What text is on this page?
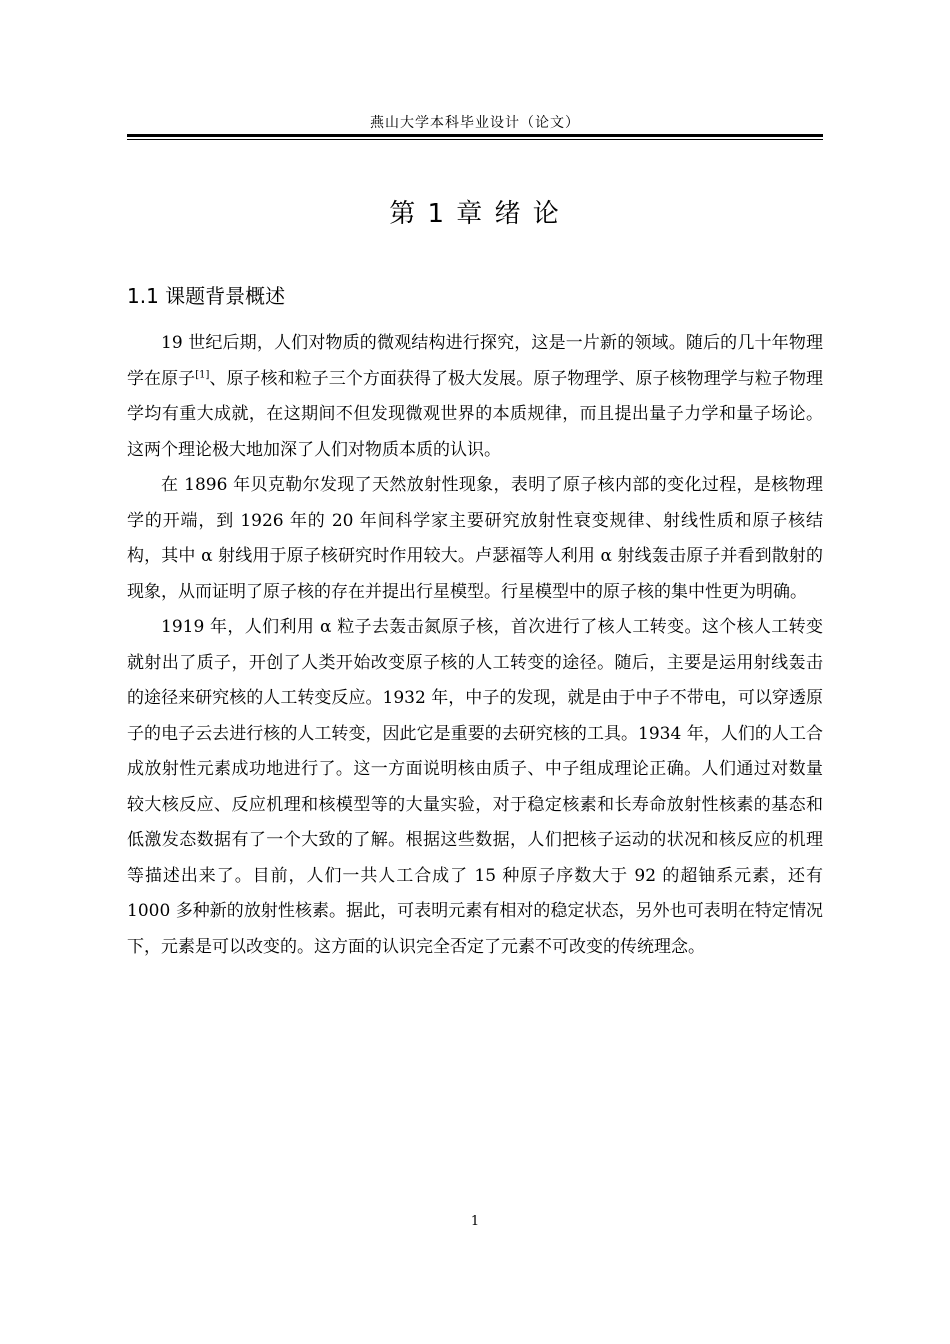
燕山大学本科毕业设计（论文）
第 1 章 绪 论
1.1 课题背景概述

19 世纪后期，人们对物质的微观结构进行探究，这是一片新的领域。随后的几十年物理学在原子[1]、原子核和粒子三个方面获得了极大发展。原子物理学、原子核物理学与粒子物理学均有重大成就，在这期间不但发现微观世界的本质规律，而且提出量子力学和量子场论。这两个理论极大地加深了人们对物质本质的认识。

在 1896 年贝克勒尔发现了天然放射性现象，表明了原子核内部的变化过程，是核物理学的开端，到 1926 年的 20 年间科学家主要研究放射性衰变规律、射线性质和原子核结构，其中 α 射线用于原子核研究时作用较大。卢瑟福等人利用 α 射线轰击原子并看到散射的现象，从而证明了原子核的存在并提出行星模型。行星模型中的原子核的集中性更为明确。

1919 年，人们利用 α 粒子去轰击氮原子核，首次进行了核人工转变。这个核人工转变就射出了质子，开创了人类开始改变原子核的人工转变的途径。随后，主要是运用射线轰击的途径来研究核的人工转变反应。1932 年，中子的发现，就是由于中子不带电，可以穿透原子的电子云去进行核的人工转变，因此它是重要的去研究核的工具。1934 年，人们的人工合成放射性元素成功地进行了。这一方面说明核由质子、中子组成理论正确。人们通过对数量较大核反应、反应机理和核模型等的大量实验，对于稳定核素和长寿命放射性核素的基态和低激发态数据有了一个大致的了解。根据这些数据，人们把核子运动的状况和核反应的机理等描述出来了。目前，人们一共人工合成了 15 种原子序数大于 92 的超铀系元素，还有 1000 多种新的放射性核素。据此，可表明元素有相对的稳定状态，另外也可表明在特定情况下，元素是可以改变的。这方面的认识完全否定了元素不可改变的传统理念。

1
